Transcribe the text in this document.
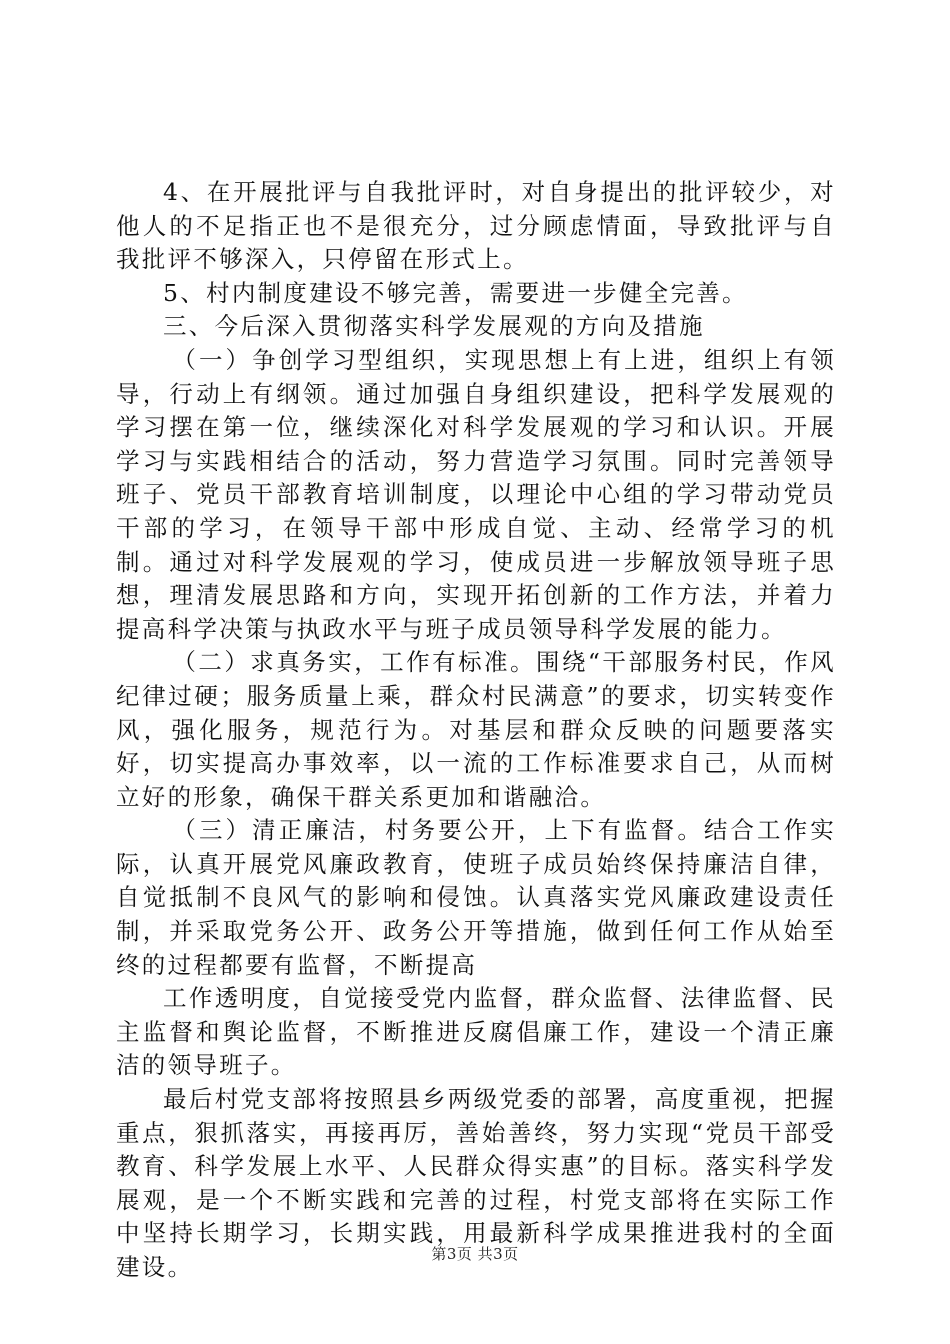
4、在开展批评与自我批评时，对自身提出的批评较少，对他人的不足指正也不是很充分，过分顾虑情面，导致批评与自我批评不够深入，只停留在形式上。

5、村内制度建设不够完善，需要进一步健全完善。

三、今后深入贯彻落实科学发展观的方向及措施

（一）争创学习型组织，实现思想上有上进，组织上有领导，行动上有纲领。通过加强自身组织建设，把科学发展观的学习摆在第一位，继续深化对科学发展观的学习和认识。开展学习与实践相结合的活动，努力营造学习氛围。同时完善领导班子、党员干部教育培训制度，以理论中心组的学习带动党员干部的学习，在领导干部中形成自觉、主动、经常学习的机制。通过对科学发展观的学习，使成员进一步解放领导班子思想，理清发展思路和方向，实现开拓创新的工作方法，并着力提高科学决策与执政水平与班子成员领导科学发展的能力。

（二）求真务实，工作有标准。围绕“干部服务村民，作风纪律过硬；服务质量上乘，群众村民满意”的要求，切实转变作风，强化服务，规范行为。对基层和群众反映的问题要落实好，切实提高办事效率，以一流的工作标准要求自己，从而树立好的形象，确保干群关系更加和谐融洽。

（三）清正廉洁，村务要公开，上下有监督。结合工作实际，认真开展党风廉政教育，使班子成员始终保持廉洁自律，自觉抵制不良风气的影响和侵蚀。认真落实党风廉政建设责任制，并采取党务公开、政务公开等措施，做到任何工作从始至终的过程都要有监督，不断提高

工作透明度，自觉接受党内监督，群众监督、法律监督、民主监督和舆论监督，不断推进反腐倡廉工作，建设一个清正廉洁的领导班子。

最后村党支部将按照县乡两级党委的部署，高度重视，把握重点，狠抓落实，再接再厉，善始善终，努力实现“党员干部受教育、科学发展上水平、人民群众得实惠”的目标。落实科学发展观，是一个不断实践和完善的过程，村党支部将在实际工作中坚持长期学习，长期实践，用最新科学成果推进我村的全面建设。	第3页 共3页
